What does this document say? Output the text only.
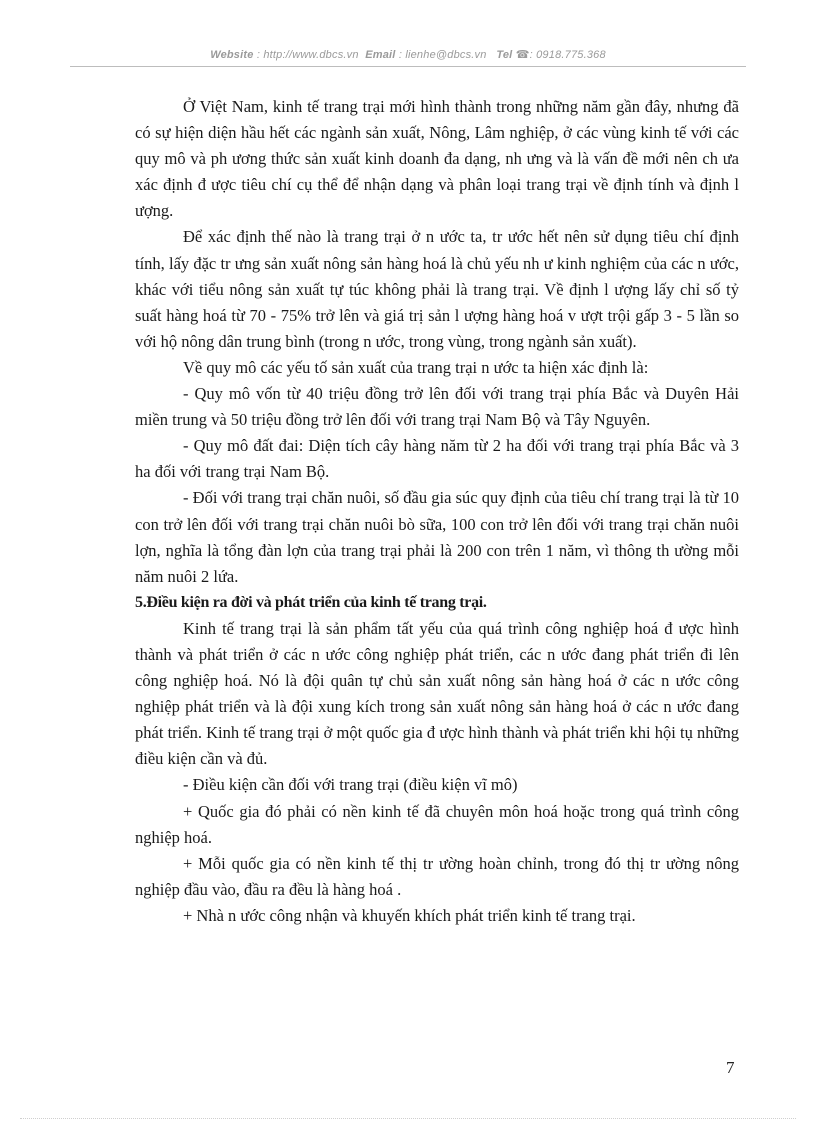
Website : http://www.dbcs.vn Email : lienhe@dbcs.vn Tel ☎: 0918.775.368

Ở Việt Nam, kinh tế trang trại mới hình thành trong những năm gần đây, nhưng đã có sự hiện diện hầu hết các ngành sản xuất, Nông, Lâm nghiệp, ở các vùng kinh tế với các quy mô và ph ương thức sản xuất kinh doanh đa dạng, nh ưng và là vấn đề mới nên ch ưa xác định đ ược tiêu chí cụ thể để nhận dạng và phân loại trang trại về định tính và định l ượng.

Để xác định thế nào là trang trại ở n ước ta, tr ước hết nên sử dụng tiêu chí định tính, lấy đặc tr ưng sản xuất nông sản hàng hoá là chủ yếu nh ư kinh nghiệm của các n ước, khác với tiểu nông sản xuất tự túc không phải là trang trại. Về định l ượng lấy chỉ số tỷ suất hàng hoá từ 70 - 75% trở lên và giá trị sản l ượng hàng hoá v ượt trội gấp 3 - 5 lần so với hộ nông dân trung bình (trong n ước, trong vùng, trong ngành sản xuất).

Về quy mô các yếu tố sản xuất của trang trại n ước ta hiện xác định là:

- Quy mô vốn từ 40 triệu đồng trở lên đối với trang trại phía Bắc và Duyên Hải miền trung và 50 triệu đồng trở lên đối với trang trại Nam Bộ và Tây Nguyên.

- Quy mô đất đai: Diện tích cây hàng năm từ 2 ha đối với trang trại phía Bắc và 3 ha đối với trang trại Nam Bộ.

- Đối với trang trại chăn nuôi, số đầu gia súc quy định của tiêu chí trang trại là từ 10 con trở lên đối với trang trại chăn nuôi bò sữa, 100 con trở lên đối với trang trại chăn nuôi lợn, nghĩa là tổng đàn lợn của trang trại phải là 200 con trên 1 năm, vì thông th ường mỗi năm nuôi 2 lứa.

5.Điều kiện ra đời và phát triển của kinh tế trang trại.

Kinh tế trang trại là sản phẩm tất yếu của quá trình công nghiệp hoá đ ược hình thành và phát triển ở các n ước công nghiệp phát triển, các n ước đang phát triển đi lên công nghiệp hoá. Nó là đội quân tự chủ sản xuất nông sản hàng hoá ở các n ước công nghiệp phát triển và là đội xung kích trong sản xuất nông sản hàng hoá ở các n ước đang phát triển. Kinh tế trang trại ở một quốc gia đ ược hình thành và phát triển khi hội tụ những điều kiện cần và đủ.

- Điều kiện cần đối với trang trại (điều kiện vĩ mô)

+ Quốc gia đó phải có nền kinh tế đã chuyên môn hoá hoặc trong quá trình công nghiệp hoá.

+ Mỗi quốc gia có nền kinh tế thị tr ường hoàn chỉnh, trong đó thị tr ường nông nghiệp đầu vào, đầu ra đều là hàng hoá .

+ Nhà n ước công nhận và khuyến khích phát triển kinh tế trang trại.

7
